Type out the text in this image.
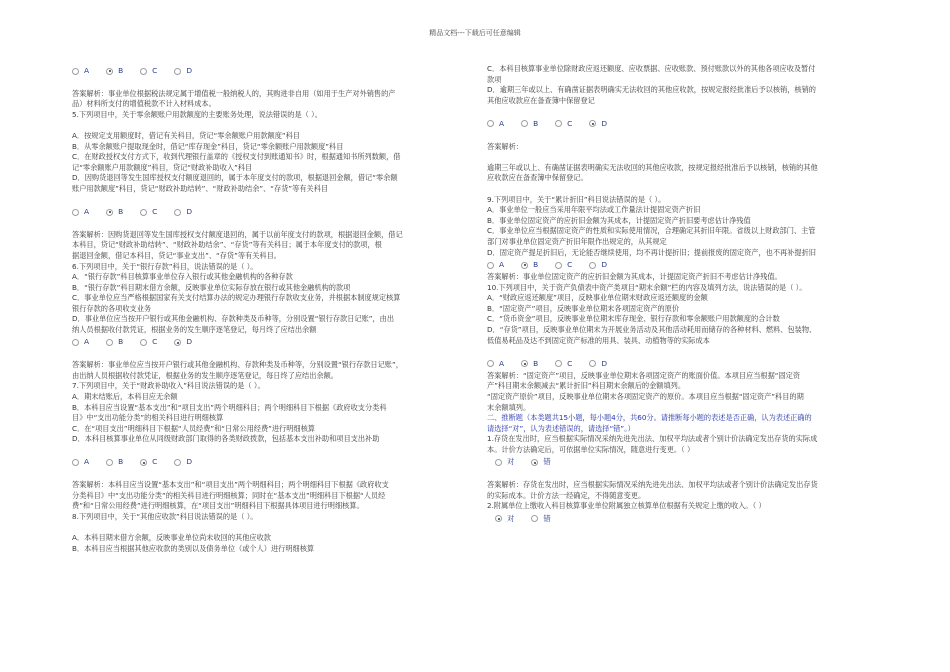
精品文档---下载后可任意编辑
A	B	C	D

答案解析：事业单位根据税法规定属于增值税一般纳税人的，其购进非自用（如用于生产对外销售的产

品）材料所支付的增值税款不计入材料成本。

5.下列项目中，关于零余额账户用款额度的主要账务处理，说法错误的是（ ）。

A．按规定支用额度时，借记有关科目，贷记“零余额账户用款额度”科目

B．从零余额账户提取现金时，借记“库存现金”科目，贷记“零余额账户用款额度”科目

C．在财政授权支付方式下，收到代理银行盖章的《授权支付到账通知书》时，根据通知书所列数额，借

记“零余额账户用款额度”科目，贷记“财政补助收入”科目

D．因购货退回等发生国库授权支付额度退回的，属于本年度支付的款项，根据退回金额，借记“零余额

账户用款额度”科目，贷记“财政补助结转”、“财政补助结余”、“存货”等有关科目

A	B	C	D

答案解析：因购货退回等发生国库授权支付额度退回的，属于以前年度支付的款项，根据退回金额，借记

本科目，贷记“财政补助结转”、“财政补助结余”、“存货”等有关科目；属于本年度支付的款项，根

据退回金额，借记本科目，贷记“事业支出”、“存货”等有关科目。

6.下列项目中，关于“银行存款”科目，说法错误的是（ ）。

A．“银行存款”科目核算事业单位存入银行或其他金融机构的各种存款

B．“银行存款”科目期末借方余额，反映事业单位实际存放在银行或其他金融机构的款项

C．事业单位应当严格根据国家有关支付结算办法的规定办理银行存款收支业务，并根据本制度规定核算

银行存款的各项收支业务

D．事业单位应当按开户银行或其他金融机构、存款种类及币种等，分别设置“银行存款日记账”，由出

纳人员根据收付款凭证，根据业务的发生顺序逐笔登记，每月终了应结出余额

A	B	C	D

答案解析：事业单位应当按开户银行或其他金融机构、存款种类及币种等，分别设置“银行存款日记账”，

由出纳人员根据收付款凭证，根据业务的发生顺序逐笔登记，每日终了应结出余额。

7.下列项目中，关于“财政补助收入”科目说法错误的是（ ）。

A．期末结账后，本科目应无余额

B．本科目应当设置“基本支出”和“项目支出”两个明细科目；两个明细科目下根据《政府收支分类科

目》中“支出功能分类”的相关科目进行明细核算

C．在“项目支出”明细科目下根据“人员经费”和“日常公用经费”进行明细核算

D．本科目核算事业单位从同级财政部门取得的各类财政拨款，包括基本支出补助和项目支出补助

A	B	C	D

答案解析：本科目应当设置“基本支出”和“项目支出”两个明细科目；两个明细科目下根据《政府收支

分类科目》中“支出功能分类”的相关科目进行明细核算；同时在“基本支出”明细科目下根据“人员经

费”和“日常公用经费”进行明细核算，在“项目支出”明细科目下根据具体项目进行明细核算。

8.下列项目中，关于“其他应收款”科目说法错误的是（ ）。

A．本科目期末借方余额，反映事业单位尚未收回的其他应收款

B．本科目应当根据其他应收款的类别以及债务单位（或个人）进行明细核算

C．本科目核算事业单位除财政应返还额度、应收票据、应收账款、预付账款以外的其他各项应收及暂付

款项

D．逾期三年或以上、有确凿证据表明确实无法收回的其他应收款，按规定报经批准后予以核销，核销的

其他应收款应在备查簿中保留登记

A	B	C	D

答案解析：

逾期三年或以上、有确凿证据表明确实无法收回的其他应收款，按规定报经批准后予以核销，核销的其他

应收款应在备查簿中保留登记。

9.下列项目中，关于“累计折旧”科目说法错误的是（ ）。

A．事业单位一般应当采用年限平均法或工作量法计提固定资产折旧

B．事业单位固定资产的应折旧金额为其成本，计提固定资产折旧要考虑估计净残值

C．事业单位应当根据固定资产的性质和实际使用情况，合理确定其折旧年限。省级以上财政部门、主管

部门对事业单位固定资产折旧年限作出规定的，从其规定

D．固定资产提足折旧后，无论能否继续使用，均不再计提折旧；提前报废的固定资产，也不再补提折旧

A	B	C	D

答案解析：事业单位固定资产的应折旧金额为其成本，计提固定资产折旧不考虑估计净残值。

10.下列项目中，关于资产负债表中资产类项目“期末余额”栏的内容及填列方法，说法错误的是（ ）。

A．“财政应返还额度”项目，反映事业单位期末财政应返还额度的金额

B．“固定资产”项目，反映事业单位期末各项固定资产的原价

C．“货币资金”项目，反映事业单位期末库存现金、银行存款和零余额账户用款额度的合计数

D．“存货”项目，反映事业单位期末为开展业务活动及其他活动耗用而储存的各种材料、燃料、包装物、

低值易耗品及达不到固定资产标准的用具、装具、动植物等的实际成本

A	B	C	D

答案解析：“固定资产”项目，反映事业单位期末各项固定资产的账面价值。本项目应当根据“固定资

产”科目期末余额减去“累计折旧”科目期末余额后的金额填列。

“固定资产原价”项目，反映事业单位期末各项固定资产的原价。本项目应当根据“固定资产”科目的期

末余额填列。

二、推断题（本类题共15小题，每小题4分，共60分。请推断每小题的表述是否正确，认为表述正确的

请选择“对”，认为表述错误的，请选择“错”。）

1.存货在发出时，应当根据实际情况采纳先进先出法、加权平均法或者个别计价法确定发出存货的实际成

本。计价方法确定后，可依据单位实际情况，随意进行变更。（ ）

对	错

答案解析：存货在发出时，应当根据实际情况采纳先进先出法、加权平均法或者个别计价法确定发出存货

的实际成本。计价方法一经确定，不得随意变更。

2.附属单位上缴收入科目核算事业单位附属独立核算单位根据有关规定上缴的收入。（ ）

对	错
